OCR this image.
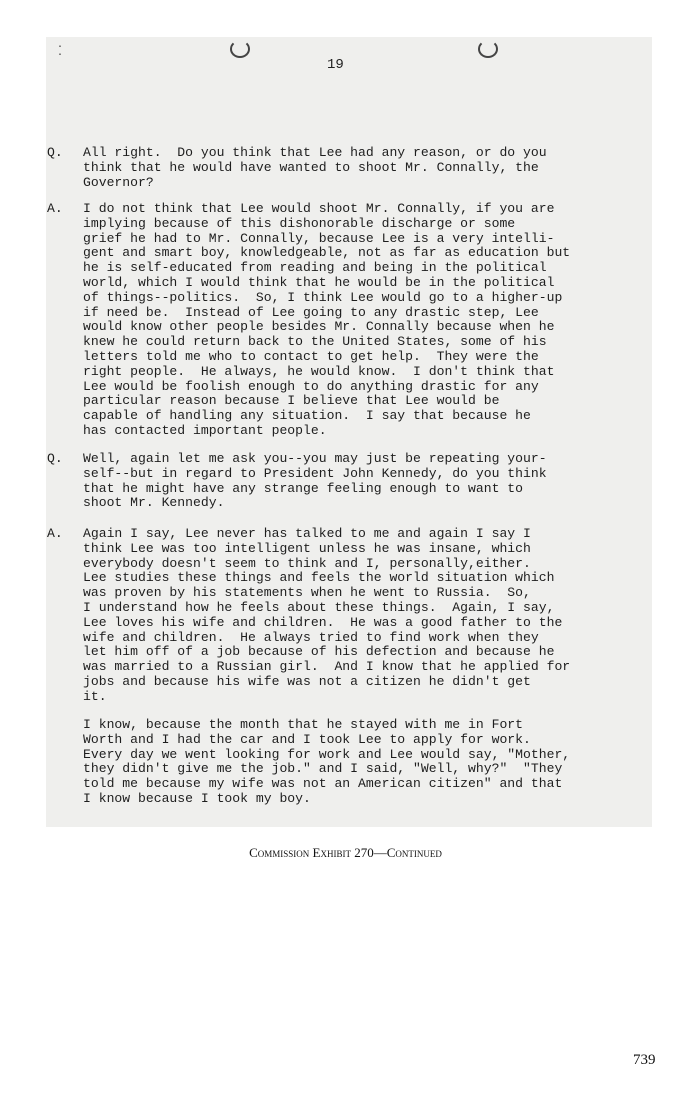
·
·
19
Q.	All right.  Do you think that Lee had any reason, or do you
think that he would have wanted to shoot Mr. Connally, the
Governor?
A.	I do not think that Lee would shoot Mr. Connally, if you are
implying because of this dishonorable discharge or some
grief he had to Mr. Connally, because Lee is a very intelli-
gent and smart boy, knowledgeable, not as far as education but
he is self-educated from reading and being in the political
world, which I would think that he would be in the political
of things--politics.  So, I think Lee would go to a higher-up
if need be.  Instead of Lee going to any drastic step, Lee
would know other people besides Mr. Connally because when he
knew he could return back to the United States, some of his
letters told me who to contact to get help.  They were the
right people.  He always, he would know.  I don't think that
Lee would be foolish enough to do anything drastic for any
particular reason because I believe that Lee would be
capable of handling any situation.  I say that because he
has contacted important people.
Q.	Well, again let me ask you--you may just be repeating your-
self--but in regard to President John Kennedy, do you think
that he might have any strange feeling enough to want to
shoot Mr. Kennedy.
A.	Again I say, Lee never has talked to me and again I say I
think Lee was too intelligent unless he was insane, which
everybody doesn't seem to think and I, personally,either.
Lee studies these things and feels the world situation which
was proven by his statements when he went to Russia.  So,
I understand how he feels about these things.  Again, I say,
Lee loves his wife and children.  He was a good father to the
wife and children.  He always tried to find work when they
let him off of a job because of his defection and because he
was married to a Russian girl.  And I know that he applied for
jobs and because his wife was not a citizen he didn't get
it.
I know, because the month that he stayed with me in Fort
Worth and I had the car and I took Lee to apply for work.
Every day we went looking for work and Lee would say, "Mother,
they didn't give me the job." and I said, "Well, why?"  "They
told me because my wife was not an American citizen" and that
I know because I took my boy.
Commission Exhibit 270—Continued
739
